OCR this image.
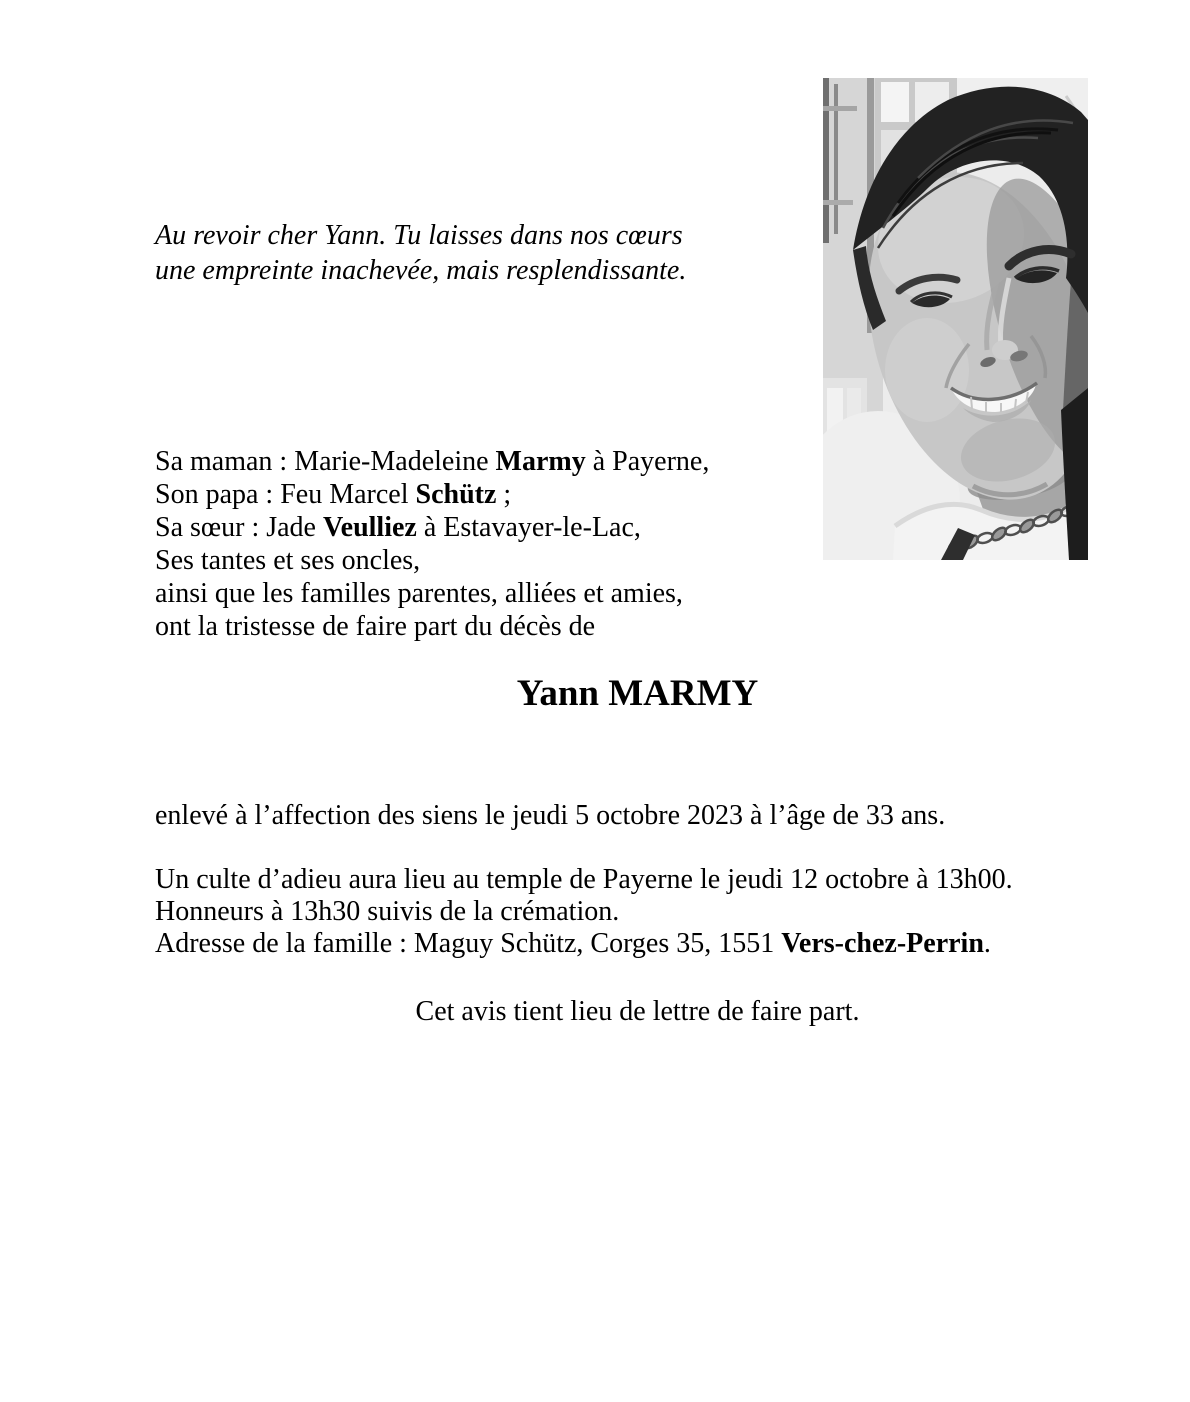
Au revoir cher Yann. Tu laisses dans nos cœurs
une empreinte inachevée, mais resplendissante.
Sa maman : Marie-Madeleine Marmy à Payerne,
Son papa : Feu Marcel Schütz ;
Sa sœur : Jade Veulliez à Estavayer-le-Lac,
Ses tantes et ses oncles,
ainsi que les familles parentes, alliées et amies,
ont la tristesse de faire part du décès de
Yann MARMY
enlevé à l’affection des siens le jeudi 5 octobre 2023 à l’âge de 33 ans.
Un culte d’adieu aura lieu au temple de Payerne le jeudi 12 octobre à 13h00.
Honneurs à 13h30 suivis de la crémation.
Adresse de la famille : Maguy Schütz, Corges 35, 1551 Vers-chez-Perrin.
Cet avis tient lieu de lettre de faire part.
